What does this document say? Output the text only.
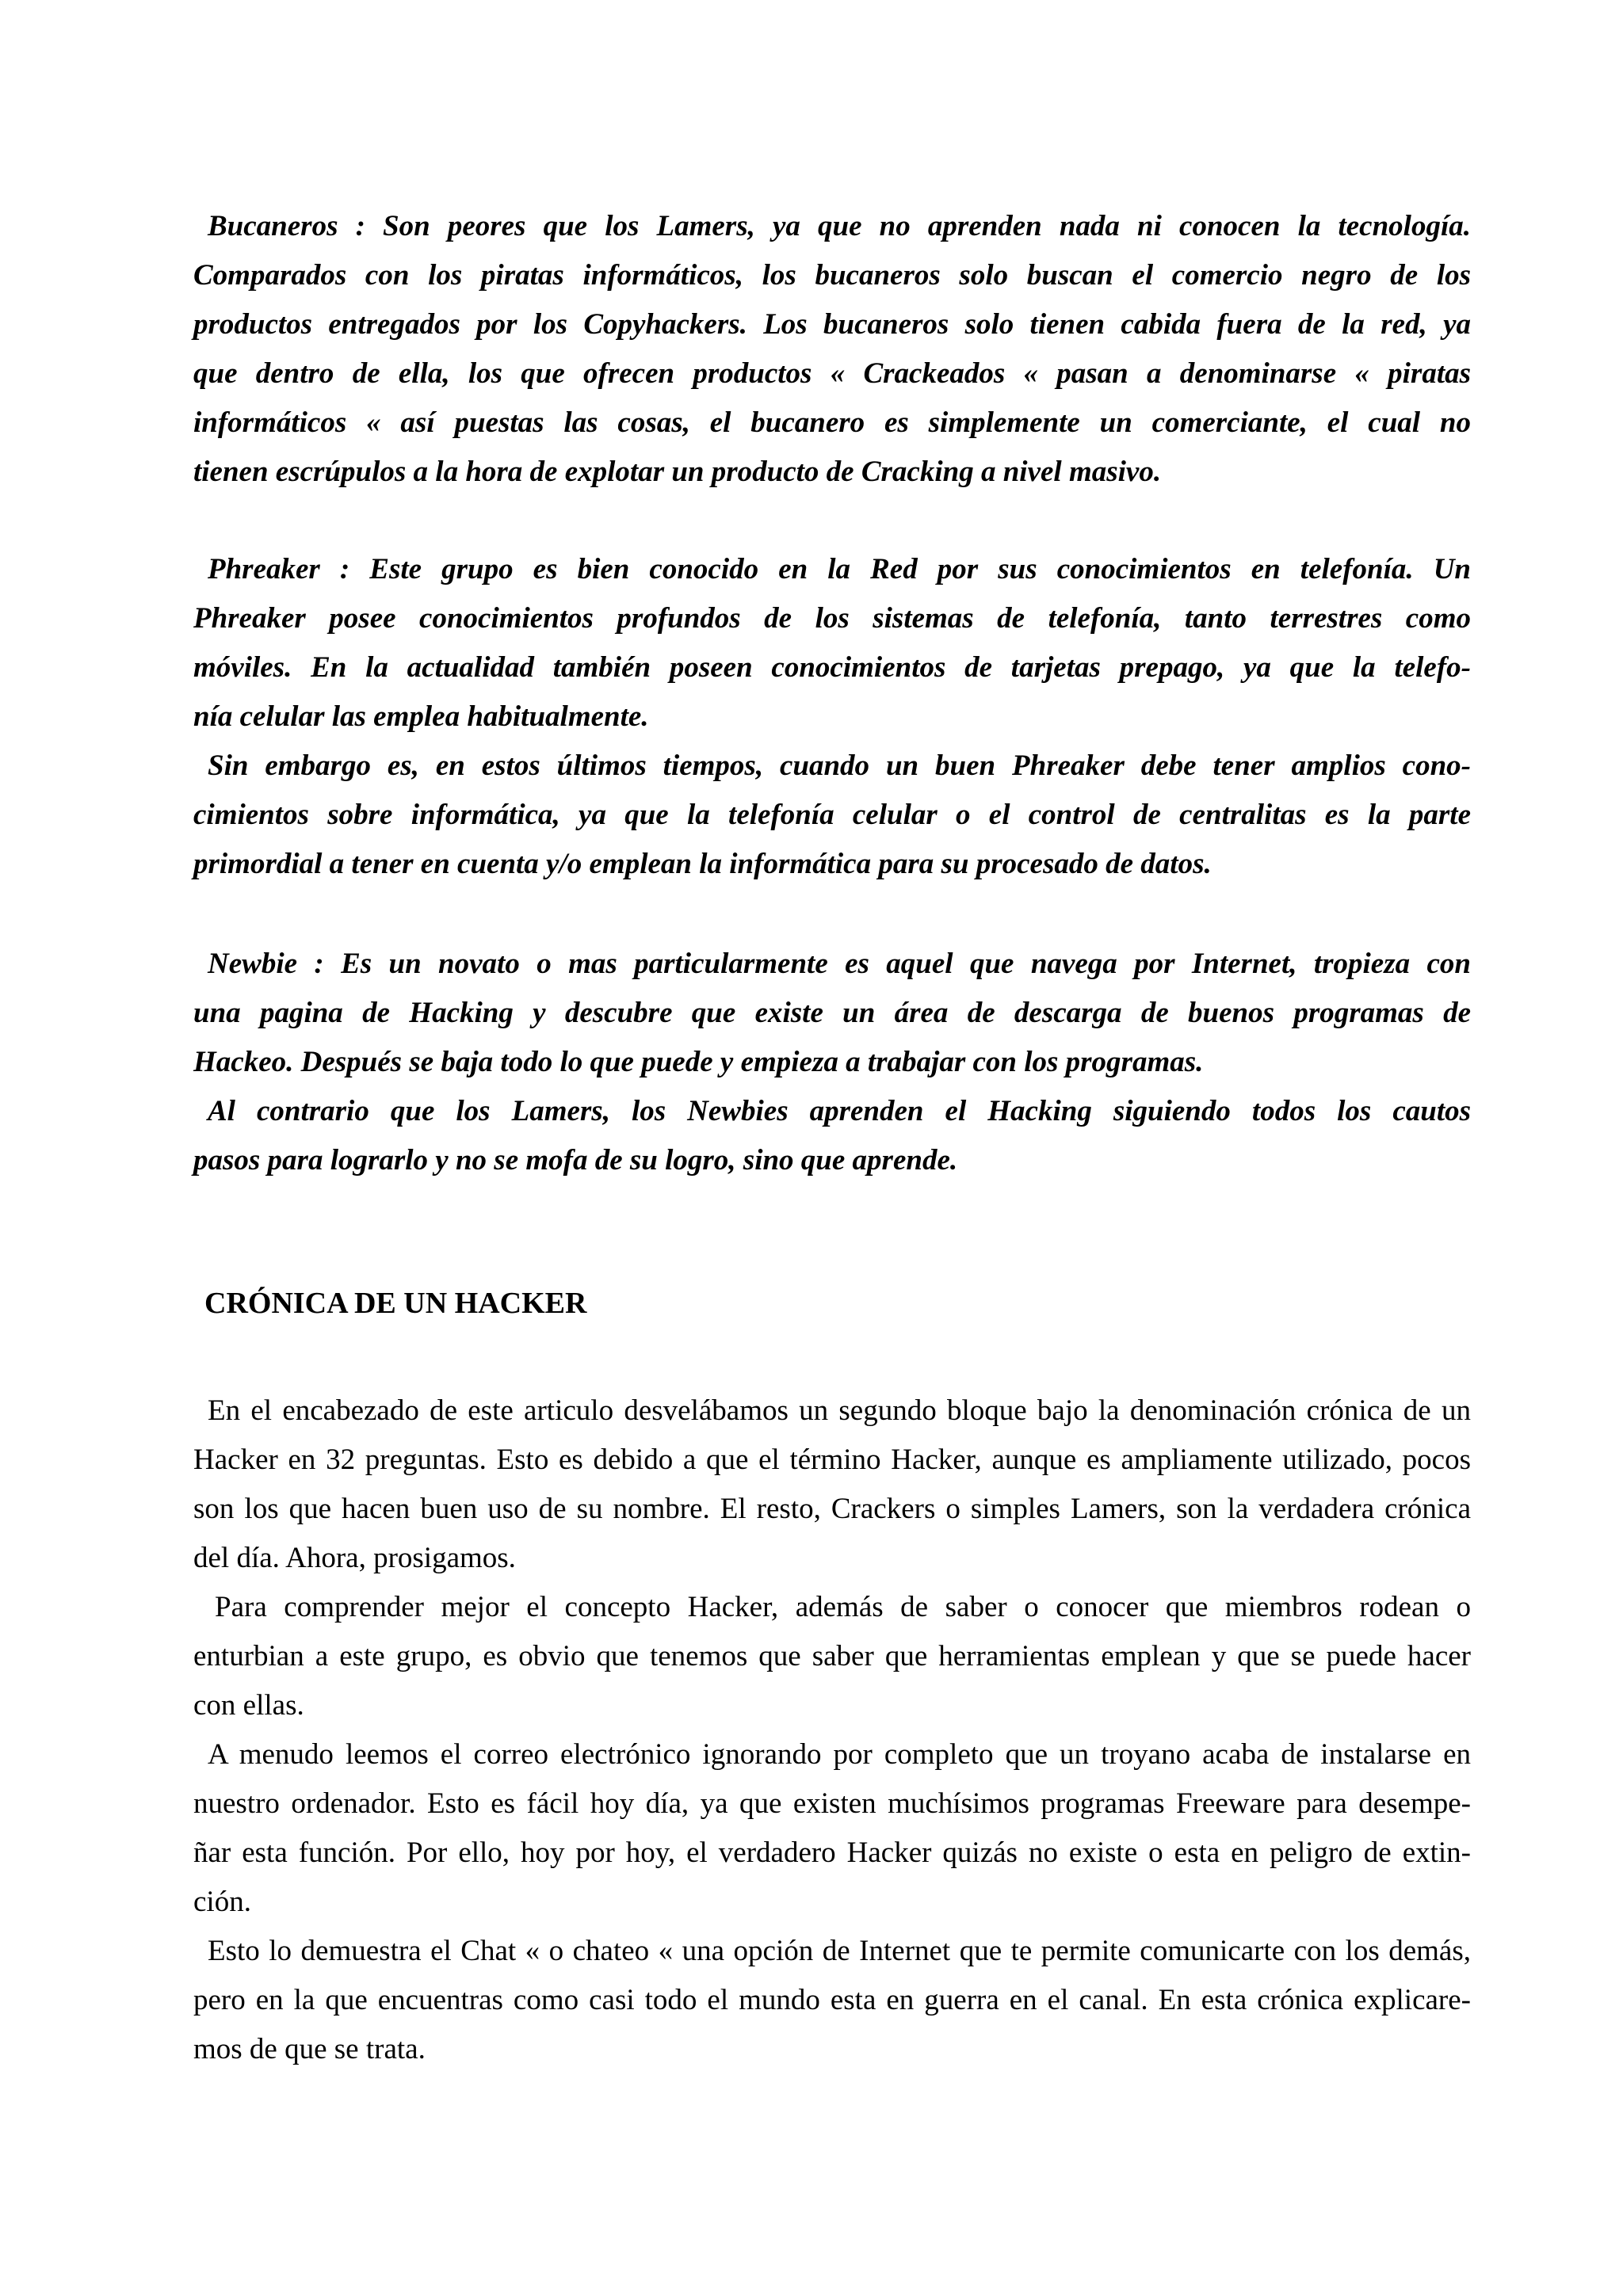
Bucaneros : Son peores que los Lamers, ya que no aprenden nada ni conocen la tecnología.
Comparados con los piratas informáticos, los bucaneros solo buscan el comercio negro de los
productos entregados por los Copyhackers. Los bucaneros solo tienen cabida fuera de la red, ya
que dentro de ella, los que ofrecen productos « Crackeados « pasan a denominarse « piratas
informáticos « así puestas las cosas, el bucanero es simplemente un comerciante, el cual no
tienen escrúpulos a la hora de explotar un producto de Cracking a nivel masivo.
Phreaker : Este grupo es bien conocido en la Red por sus conocimientos en telefonía. Un
Phreaker posee conocimientos profundos de los sistemas de telefonía, tanto terrestres como
móviles. En la actualidad también poseen conocimientos de tarjetas prepago, ya que la telefo-
nía celular las emplea habitualmente.
Sin embargo es, en estos últimos tiempos, cuando un buen Phreaker debe tener amplios cono-
cimientos sobre informática, ya que la telefonía celular o el control de centralitas es la parte
primordial a tener en cuenta y/o emplean la informática para su procesado de datos.
Newbie : Es un novato o mas particularmente es aquel que navega por Internet, tropieza con
una pagina de Hacking y descubre que existe un área de descarga de buenos programas de
Hackeo. Después se baja todo lo que puede y empieza a trabajar con los programas.
Al contrario que los Lamers, los Newbies aprenden el Hacking siguiendo todos los cautos
pasos para lograrlo y no se mofa de su logro, sino que aprende.
CRÓNICA DE UN HACKER
En el encabezado de este articulo desvelábamos un segundo bloque bajo la denominación crónica de un
Hacker en 32 preguntas. Esto es debido a que el término Hacker, aunque es ampliamente utilizado, pocos
son los que hacen buen uso de su nombre. El resto, Crackers o simples Lamers, son la verdadera crónica
del día. Ahora, prosigamos.
Para comprender mejor el concepto Hacker, además de saber o conocer que miembros rodean o
enturbian a este grupo, es obvio que tenemos que saber que herramientas emplean y que se puede hacer
con ellas.
A menudo leemos el correo electrónico ignorando por completo que un troyano acaba de instalarse en
nuestro ordenador. Esto es fácil hoy día, ya que existen muchísimos programas Freeware para desempe-
ñar esta función. Por ello, hoy por hoy, el verdadero Hacker quizás no existe o esta en peligro de extin-
ción.
Esto lo demuestra el Chat « o chateo « una opción de Internet que te permite comunicarte con los demás,
pero en la que encuentras como casi todo el mundo esta en guerra en el canal. En esta crónica explicare-
mos de que se trata.
